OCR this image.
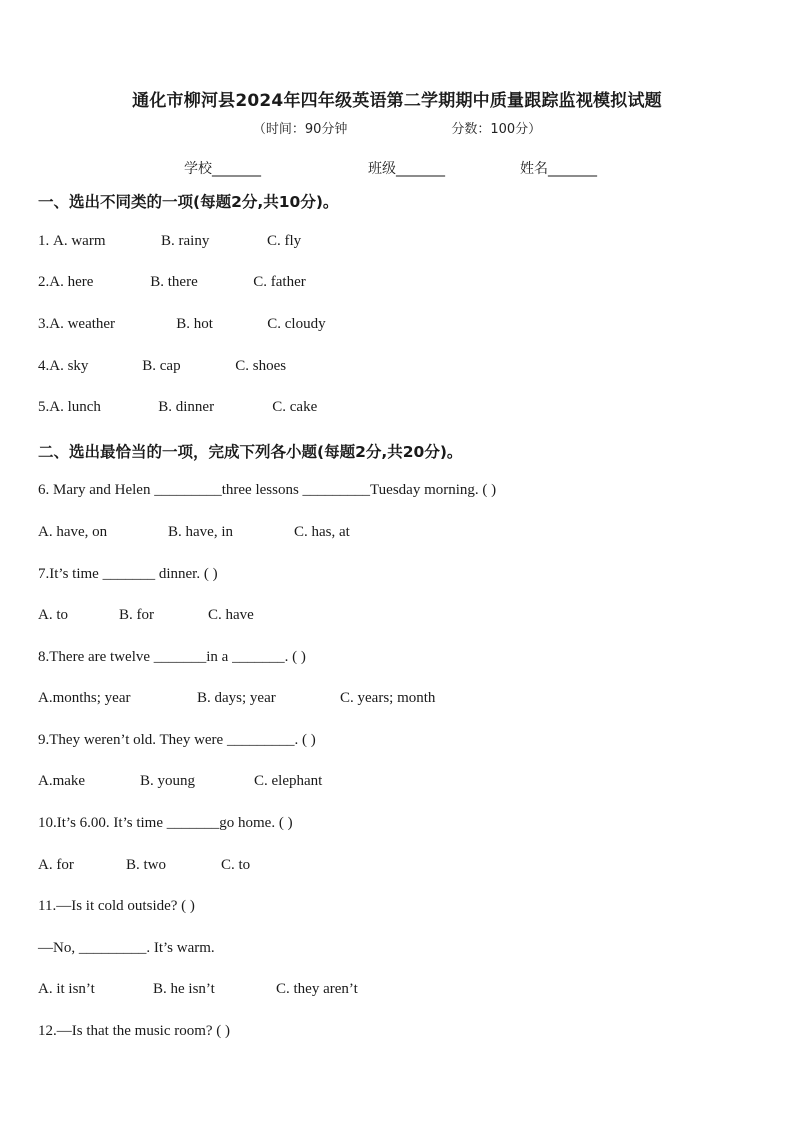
通化市柳河县2024年四年级英语第二学期期中质量跟踪监视模拟试题
（时间：90分钟	分数：100分）
学校_______	班级_______	姓名_______
一、选出不同类的一项(每题2分,共10分)。
1. A. warm	B. rainy	C. fly
2.A. here	B. there	C. father
3.A. weather	B. hot	C. cloudy
4.A. sky	B. cap	C. shoes
5.A. lunch	B. dinner	C. cake
二、选出最恰当的一项，完成下列各小题(每题2分,共20分)。
6. Mary and Helen _________three lessons _________Tuesday morning. ( )
A. have, on	B. have, in	C. has, at
7.It’s time _______ dinner. ( )
A. to	B. for	C. have
8.There are twelve _______in a _______. ( )
A.months; year	B. days; year	C. years; month
9.They weren’t old. They were _________. ( )
A.make	B. young	C. elephant
10.It’s 6.00. It’s time _______go home. ( )
A. for	B. two	C. to
11.—Is it cold outside? ( )
—No, _________. It’s warm.
A. it isn’t	B. he isn’t	C. they aren’t
12.—Is that the music room? ( )
